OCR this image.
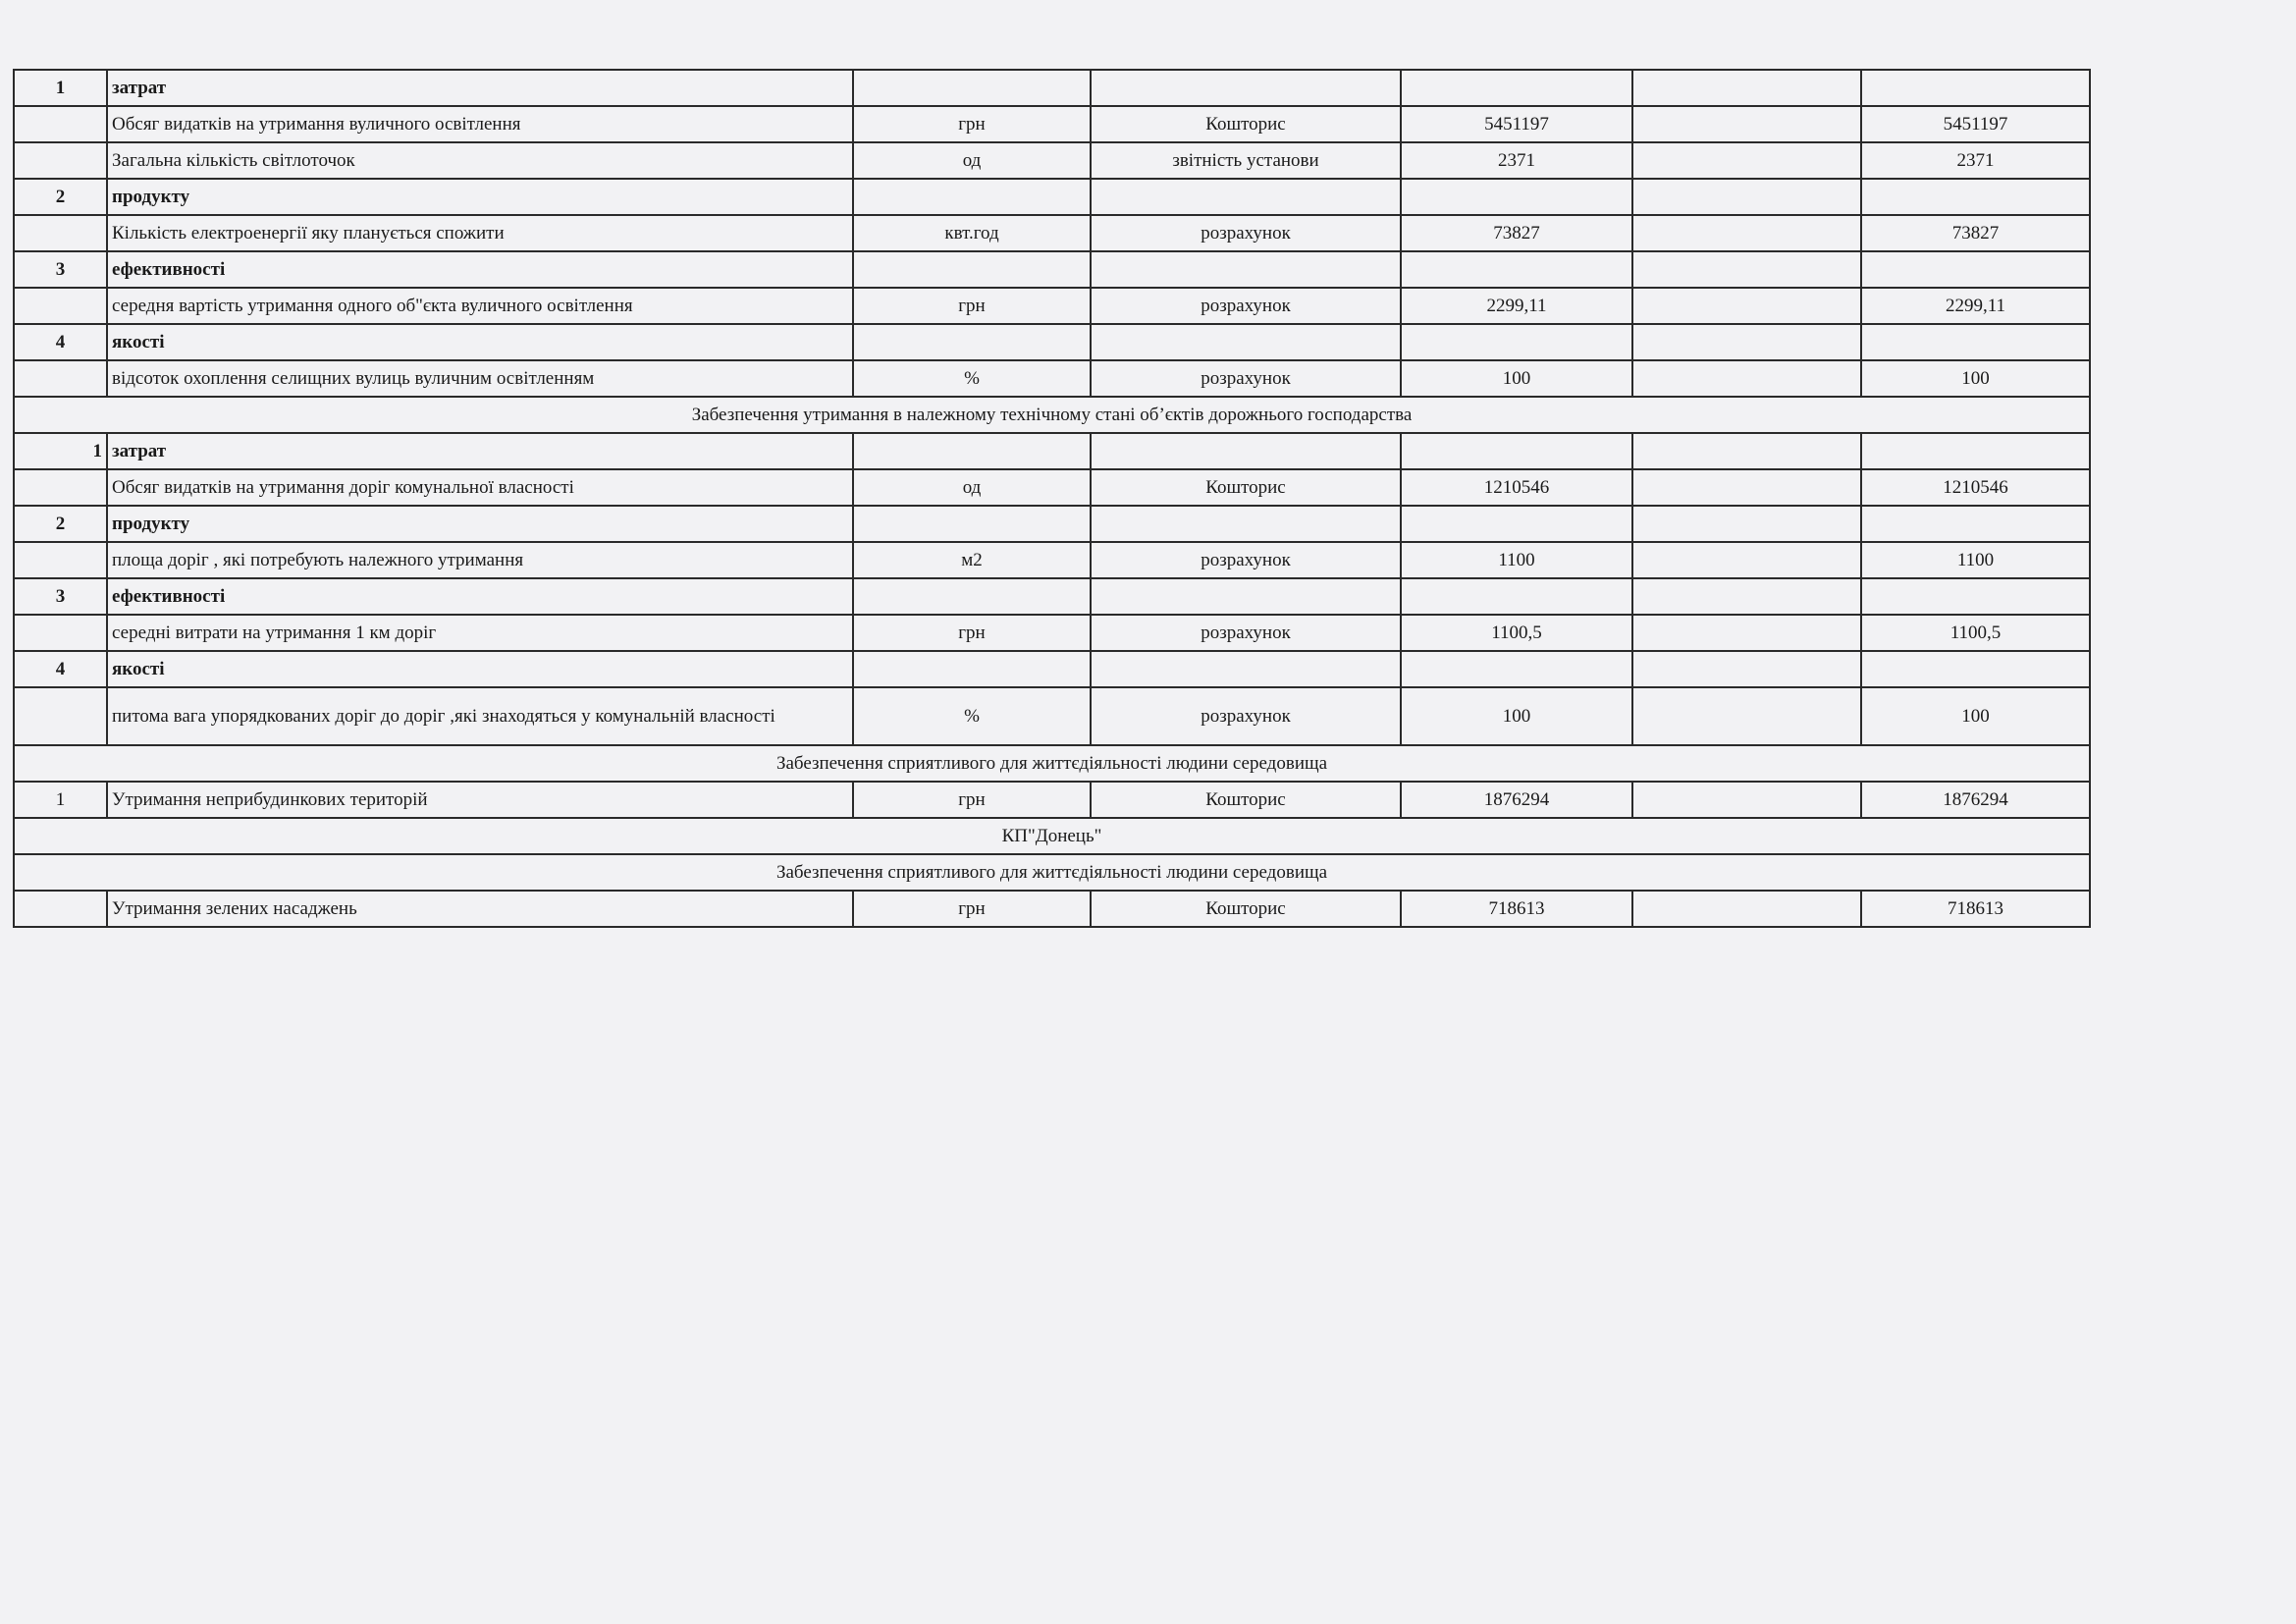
1	затрат					
	Обсяг видатків на утримання вуличного освітлення	грн	Кошторис	5451197		5451197
	Загальна кількість світлоточок	од	звітність установи	2371		2371
2	продукту					
	Кількість електроенергії яку планується спожити	квт.год	розрахунок	73827		73827
3	ефективності					
	середня вартість утримання одного об"єкта вуличного освітлення	грн	розрахунок	2299,11		2299,11
4	якості					
	відсоток охоплення селищних вулиць вуличним освітленням	%	розрахунок	100		100
Забезпечення утримання в належному технічному стані об’єктів дорожнього господарства						
1	затрат					
	Обсяг видатків на утримання доріг комунальної власності	од	Кошторис	1210546		1210546
2	продукту					
	площа доріг , які потребують належного утримання	м2	розрахунок	1100		1100
3	ефективності					
	середні витрати на утримання 1 км доріг	грн	розрахунок	1100,5		1100,5
4	якості					
	питома вага упорядкованих доріг до доріг ,які знаходяться у комунальній власності	%	розрахунок	100		100
Забезпечення сприятливого для життєдіяльності людини середовища						
1	Утримання неприбудинкових територій	грн	Кошторис	1876294		1876294
КП"Донець"						
Забезпечення сприятливого для життєдіяльності людини середовища						
	Утримання зелених насаджень	грн	Кошторис	718613		718613
